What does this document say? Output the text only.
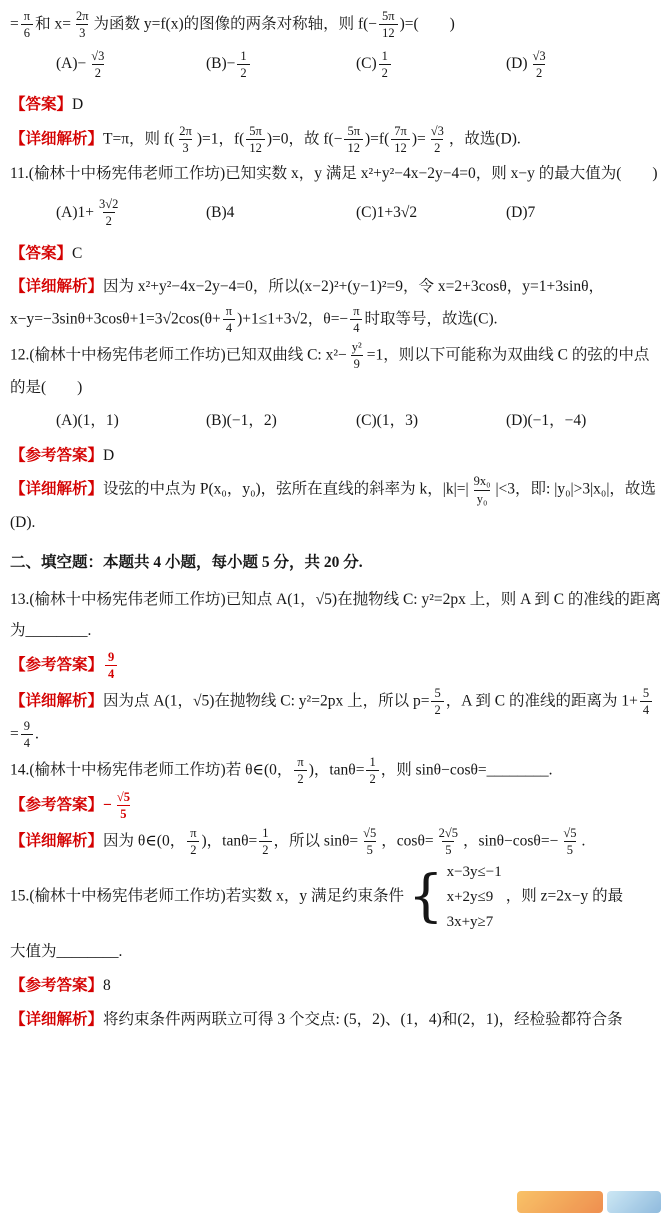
= $\frac{\pi}{6}$ 和 $x= \frac{2\pi}{3}$ 为函数 y=f(x)的图像的两条对称轴，则 $f(- \frac{5\pi}{12}$ )=(　　)

$(A)- \frac{√3}{2}$	$(B)- \frac{1}{2}$	$(C) \frac{1}{2}$	$(D) \frac{√3}{2}$

【答案】D

【详细解析】T=π，则 $f( \frac{2\pi}{3} )=1$，$f( \frac{5\pi}{12} )=0$，故 $f(- \frac{5\pi}{12} )=f( \frac{7\pi}{12}$ )= $\frac{√3}{2}$ ，故选(D).

11.(榆林十中杨宪伟老师工作坊)已知实数 x，y 满足 x²+y²−4x−2y−4=0，则 x−y 的最大值为(　　)

$(A)1+ \frac{3√2}{2}$	(B)4	(C)1+3√2	(D)7

【答案】C

【详细解析】因为 x²+y²−4x−2y−4=0，所以(x−2)²+(y−1)²=9，令 x=2+3cosθ，y=1+3sinθ，$x-y=-3\sin\theta+3\cos\theta+1=3√2\cos(\theta+ \frac{\pi}{4} )+1\le 1+3√2$，$\theta=- \frac{\pi}{4}$ 时取等号，故选(C).

12.(榆林十中杨宪伟老师工作坊)已知双曲线 C: $x^2- \frac{\text{y²}}{9} =1$，则以下可能称为双曲线 C 的弦的中点的是(　　)

(A)(1，1)	(B)(−1，2)	(C)(1，3)	(D)(−1，−4)

【参考答案】D

【详细解析】设弦的中点为 P(x₀，y₀)，弦所在直线的斜率为 k，$|k|=| \frac{\text{9x₀}}{\text{y₀}} |<3$，即: |y₀|>3|x₀|，故选(D).

二、填空题：本题共 4 小题，每小题 5 分，共 20 分.

13.(榆林十中杨宪伟老师工作坊)已知点 A(1，√5)在抛物线 C: y²=2px 上，则 A 到 C 的准线的距离为________.

【参考答案】 $\frac{9}{4}$

【详细解析】因为点 A(1，√5)在抛物线 C: y²=2px 上，所以 $p= \frac{5}{2}$ ，A 到 C 的准线的距离为 $1+ \frac{5}{4}$
= $\frac{9}{4}$ .

14.(榆林十中杨宪伟老师工作坊)若 θ∈(0， $\frac{\pi}{2}$ )，$\tan\theta= \frac{1}{2}$ ，则 sinθ−cosθ=________.

【参考答案】− $\frac{√5}{5}$

【详细解析】因为 θ∈(0， $\frac{\pi}{2}$ )，$\tan\theta= \frac{1}{2}$ ，所以 $\sin\theta= \frac{√5}{5}$ ，$\cos\theta= \frac{2√5}{5}$ ，$\sin\theta-\cos\theta=- \frac{√5}{5}$ .

15.(榆林十中杨宪伟老师工作坊)若实数 x，y 满足约束条件 { x−3y≤−1
x+2y≤9
3x+y≥7
，则 z=2x−y 的最

大值为________.

【参考答案】8

【详细解析】将约束条件两两联立可得 3 个交点: (5，2)、(1，4)和(2，1)，经检验都符合条
